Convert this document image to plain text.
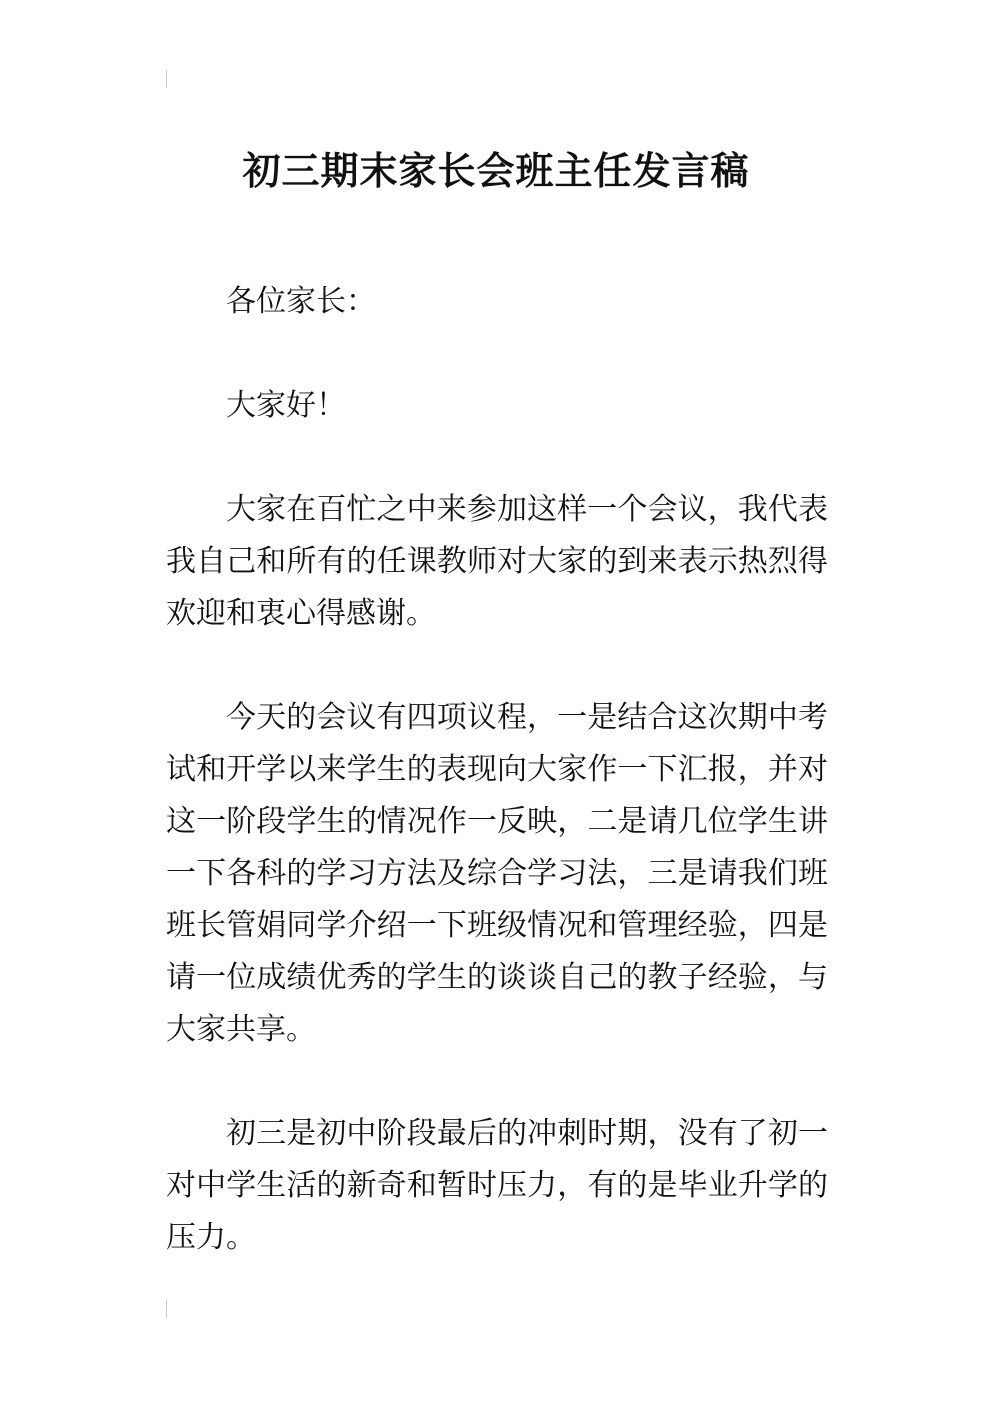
初三期末家长会班主任发言稿

各位家长：

大家好！

大家在百忙之中来参加这样一个会议，我代表我自己和所有的任课教师对大家的到来表示热烈得欢迎和衷心得感谢。

今天的会议有四项议程，一是结合这次期中考试和开学以来学生的表现向大家作一下汇报，并对这一阶段学生的情况作一反映，二是请几位学生讲一下各科的学习方法及综合学习法，三是请我们班班长管娟同学介绍一下班级情况和管理经验，四是请一位成绩优秀的学生的谈谈自己的教子经验，与大家共享。

初三是初中阶段最后的冲刺时期，没有了初一对中学生活的新奇和暂时压力，有的是毕业升学的压力。
